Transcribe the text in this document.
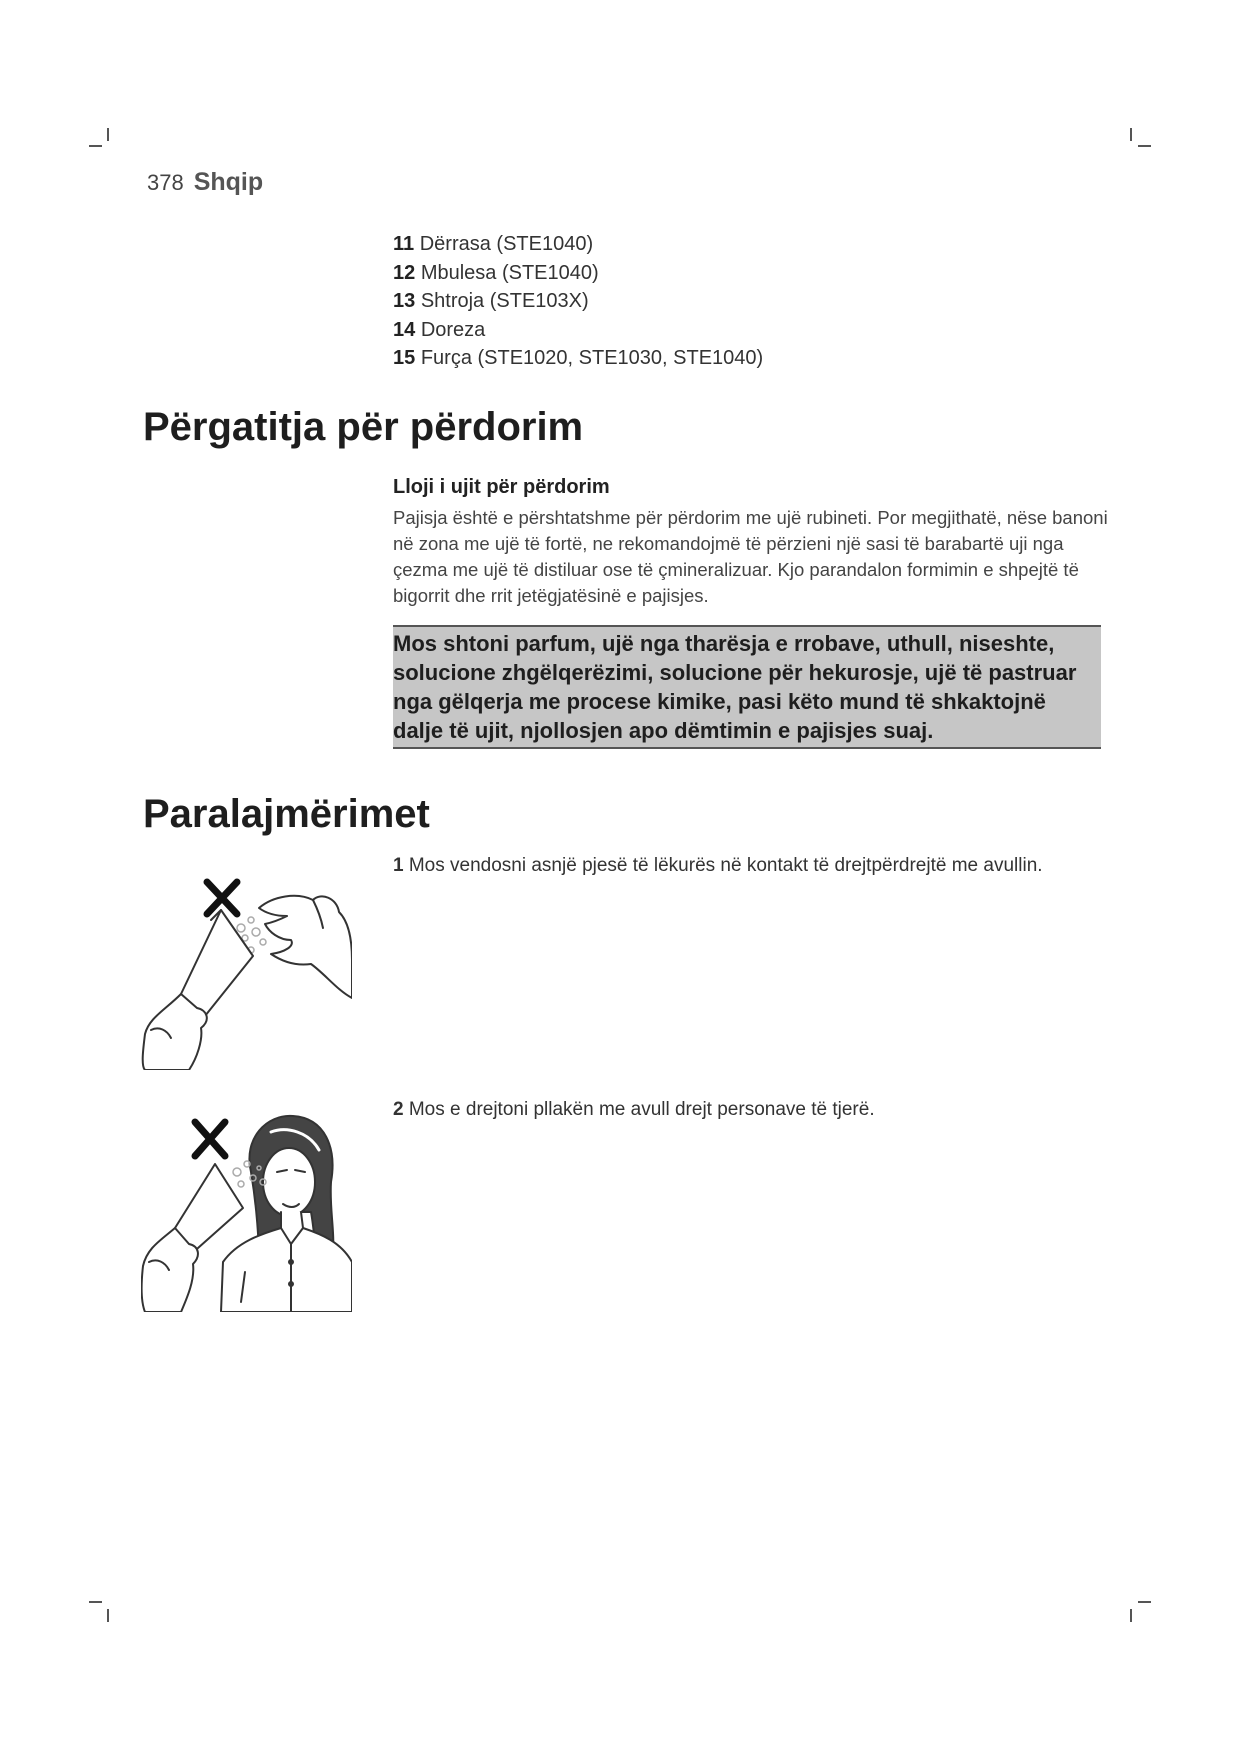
378 Shqip
11 Dërrasa (STE1040)
12 Mbulesa (STE1040)
13 Shtroja (STE103X)
14 Doreza
15 Furça (STE1020, STE1030, STE1040)
Përgatitja për përdorim

Lloji i ujit për përdorim

Pajisja është e përshtatshme për përdorim me ujë rubineti. Por megjithatë, nëse banoni në zona me ujë të fortë, ne rekomandojmë të përzieni një sasi të barabartë uji nga çezma me ujë të distiluar ose të çmineralizuar. Kjo parandalon formimin e shpejtë të bigorrit dhe rrit jetëgjatësinë e pajisjes.

Mos shtoni parfum, ujë nga tharësja e rrobave, uthull, niseshte, solucione zhgëlqerëzimi, solucione për hekurosje, ujë të pastruar nga gëlqerja me procese kimike, pasi këto mund të shkaktojnë dalje të ujit, njollosjen apo dëmtimin e pajisjes suaj.
Paralajmërimet
1 Mos vendosni asnjë pjesë të lëkurës në kontakt të drejtpërdrejtë me avullin.
2 Mos e drejtoni pllakën me avull drejt personave të tjerë.
